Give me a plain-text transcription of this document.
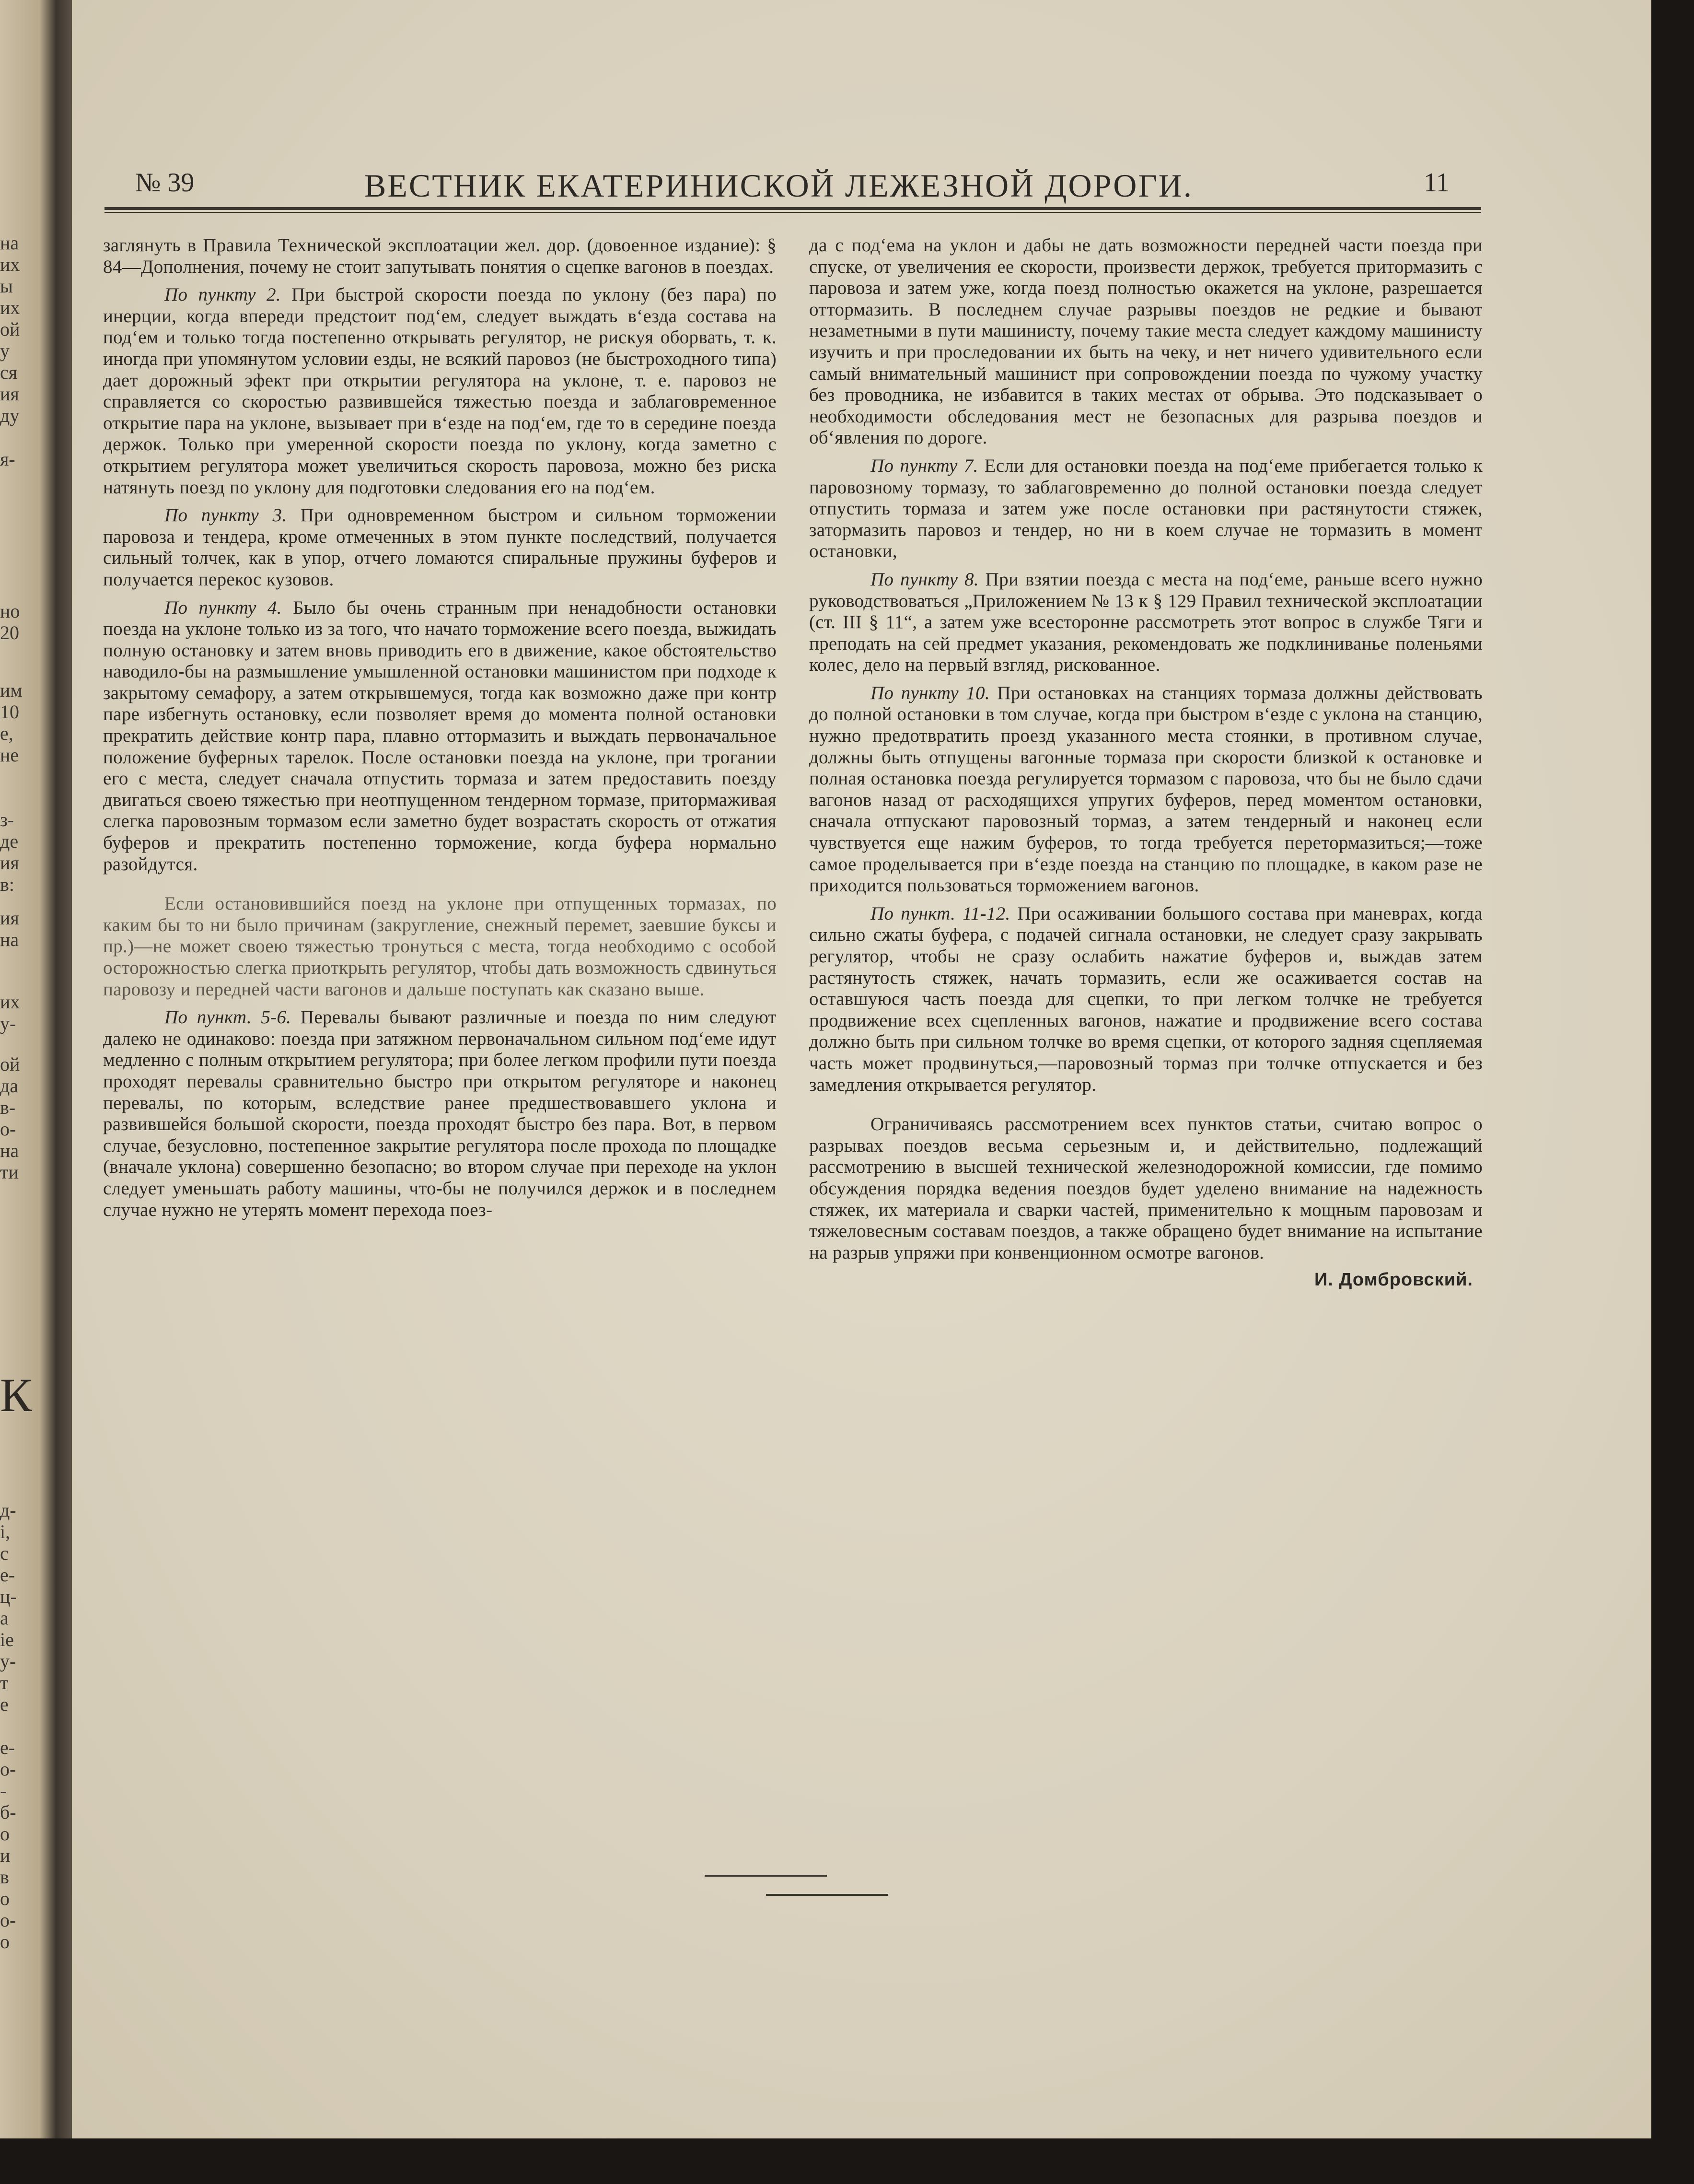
на
их
ы
их
ой
у
ся
ия
ду
я-
но
20
им
10
е,
не
з-
де
ия
в:
ия
на
их
у-
ой
да
в-
о-
на
ти
К
д-
і,
с
е-
ц-
а
ie
у-
т
е
е-
о-
-
б-
о
и
в
о
о-
о
№ 39	ВЕСТНИК ЕКАТЕРИНИСКОЙ ЛЕЖЕЗНОЙ ДОРОГИ.	11

заглянуть в Правила Технической эксплоатации жел. дор. (довоенное издание): § 84—Дополнения, почему не стоит запутывать понятия о сцепке вагонов в поездах.

По пункту 2. При быстрой скорости поезда по уклону (без пара) по инерции, когда впереди предстоит под‘ем, следует выждать в‘езда состава на под‘ем и только тогда постепенно открывать регулятор, не рискуя оборвать, т. к. иногда при упомянутом условии езды, не всякий паровоз (не быстроходного типа) дает дорожный эфект при открытии регулятора на уклоне, т. е. паровоз не справляется со скоростью развившейся тяжестью поезда и заблаговременное открытие пара на уклоне, вызывает при в‘езде на под‘ем, где то в середине поезда держок. Только при умеренной скорости поезда по уклону, когда заметно с открытием регулятора может увеличиться скорость паровоза, можно без риска натянуть поезд по уклону для подготовки следования его на под‘ем.

По пункту 3. При одновременном быстром и сильном торможении паровоза и тендера, кроме отмеченных в этом пункте последствий, получается сильный толчек, как в упор, отчего ломаются спиральные пружины буферов и получается перекос кузовов.

По пункту 4. Было бы очень странным при ненадобности остановки поезда на уклоне только из за того, что начато торможение всего поезда, выжидать полную остановку и затем вновь приводить его в движение, какое обстоятельство наводило-бы на размышление умышленной остановки машинистом при подходе к закрытому семафору, а затем открывшемуся, тогда как возможно даже при контр паре избегнуть остановку, если позволяет время до момента полной остановки прекратить действие контр пара, плавно оттормазить и выждать первоначальное положение буферных тарелок. После остановки поезда на уклоне, при трогании его с места, следует сначала отпустить тормаза и затем предоставить поезду двигаться своею тяжестью при неотпущенном тендерном тормазе, притормаживая слегка паровозным тормазом если заметно будет возрастать скорость от отжатия буферов и прекратить постепенно торможение, когда буфера нормально разойдутся.

Если остановившийся поезд на уклоне при отпущенных тормазах, по каким бы то ни было причинам (закругление, снежный перемет, заевшие буксы и пр.)—не может своею тяжестью тронуться с места, тогда необходимо с особой осторожностью слегка приоткрыть регулятор, чтобы дать возможность сдвинуться паровозу и передней части вагонов и дальше поступать как сказано выше.

По пункт. 5-6. Перевалы бывают различные и поезда по ним следуют далеко не одинаково: поезда при затяжном первоначальном сильном под‘еме идут медленно с полным открытием регулятора; при более легком профили пути поезда проходят перевалы сравнительно быстро при открытом регуляторе и наконец перевалы, по которым, вследствие ранее предшествовавшего уклона и развившейся большой скорости, поезда проходят быстро без пара. Вот, в первом случае, безусловно, постепенное закрытие регулятора после прохода по площадке (вначале уклона) совершенно безопасно; во втором случае при переходе на уклон следует уменьшать работу машины, что-бы не получился держок и в последнем случае нужно не утерять момент перехода поез-

да с под‘ема на уклон и дабы не дать возможности передней части поезда при спуске, от увеличения ее скорости, произвести держок, требуется притормазить с паровоза и затем уже, когда поезд полностью окажется на уклоне, разрешается оттормазить. В последнем случае разрывы поездов не редкие и бывают незаметными в пути машинисту, почему такие места следует каждому машинисту изучить и при проследовании их быть на чеку, и нет ничего удивительного если самый внимательный машинист при сопровождении поезда по чужому участку без проводника, не избавится в таких местах от обрыва. Это подсказывает о необходимости обследования мест не безопасных для разрыва поездов и об‘явления по дороге.

По пункту 7. Если для остановки поезда на под‘еме прибегается только к паровозному тормазу, то заблаговременно до полной остановки поезда следует отпустить тормаза и затем уже после остановки при растянутости стяжек, затормазить паровоз и тендер, но ни в коем случае не тормазить в момент остановки,

По пункту 8. При взятии поезда с места на под‘еме, раньше всего нужно руководствоваться „Приложением № 13 к § 129 Правил технической эксплоатации (ст. III § 11“, а затем уже всесторонне рассмотреть этот вопрос в службе Тяги и преподать на сей предмет указания, рекомендовать же подклиниванье поленьями колес, дело на первый взгляд, рискованное.

По пункту 10. При остановках на станциях тормаза должны действовать до полной остановки в том случае, когда при быстром в‘езде с уклона на станцию, нужно предотвратить проезд указанного места стоянки, в противном случае, должны быть отпущены вагонные тормаза при скорости близкой к остановке и полная остановка поезда регулируется тормазом с паровоза, что бы не было сдачи вагонов назад от расходящихся упругих буферов, перед моментом остановки, сначала отпускают паровозный тормаз, а затем тендерный и наконец если чувствуется еще нажим буферов, то тогда требуется перетормазиться;—тоже самое проделывается при в‘езде поезда на станцию по площадке, в каком разе не приходится пользоваться торможением вагонов.

По пункт. 11-12. При осаживании большого состава при маневрах, когда сильно сжаты буфера, с подачей сигнала остановки, не следует сразу закрывать регулятор, чтобы не сразу ослабить нажатие буферов и, выждав затем растянутость стяжек, начать тормазить, если же осаживается состав на оставшуюся часть поезда для сцепки, то при легком толчке не требуется продвижение всех сцепленных вагонов, нажатие и продвижение всего состава должно быть при сильном толчке во время сцепки, от которого задняя сцепляемая часть может продвинуться,—паровозный тормаз при толчке отпускается и без замедления открывается регулятор.

Ограничиваясь рассмотрением всех пунктов статьи, считаю вопрос о разрывах поездов весьма серьезным и, и действительно, подлежащий рассмотрению в высшей технической железнодорожной комиссии, где помимо обсуждения порядка ведения поездов будет уделено внимание на надежность стяжек, их материала и сварки частей, применительно к мощным паровозам и тяжеловесным составам поездов, а также обращено будет внимание на испытание на разрыв упряжи при конвенционном осмотре вагонов.

И. Домбровский.
